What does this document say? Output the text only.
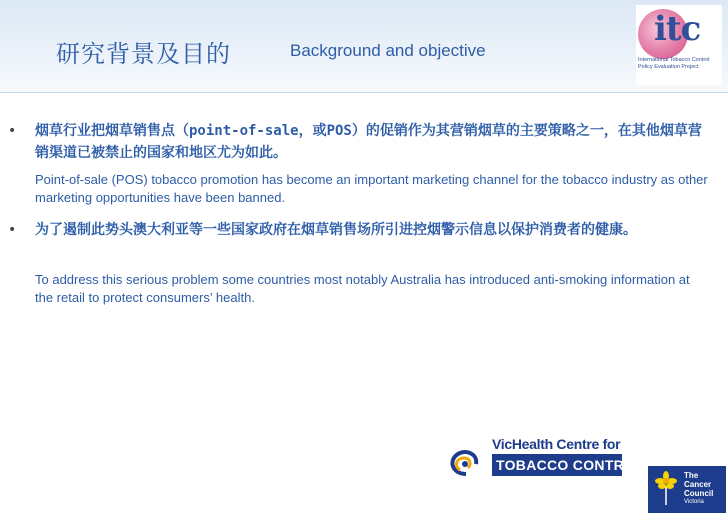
研究背景及目的	Background and objective
itc
International Tobacco Control
Policy Evaluation Project
• 烟草行业把烟草销售点（point-of-sale，或POS）的促销作为其营销烟草的主要策略之一，在其他烟草营销渠道已被禁止的国家和地区尤为如此。

Point-of-sale (POS) tobacco promotion has become an important marketing channel for the tobacco industry as other marketing opportunities have been banned.

• 为了遏制此势头澳大利亚等一些国家政府在烟草销售场所引进控烟警示信息以保护消费者的健康。

To address this serious problem some countries most notably Australia has introduced anti-smoking information at the retail to protect consumers’ health.

VicHealth Centre for
TOBACCO CONTROL
The
Cancer
Council
Victoria
